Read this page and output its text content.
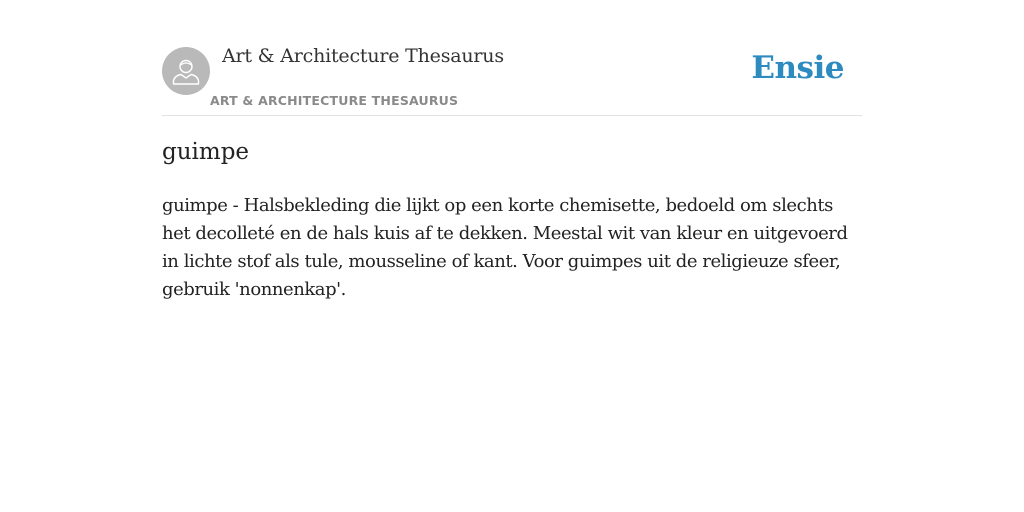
Art & Architecture Thesaurus
ART & ARCHITECTURE THESAURUS
Ensie
guimpe

guimpe - Halsbekleding die lijkt op een korte chemisette, bedoeld om slechts het decolleté en de hals kuis af te dekken. Meestal wit van kleur en uitgevoerd in lichte stof als tule, mousseline of kant. Voor guimpes uit de religieuze sfeer, gebruik 'nonnenkap'.
